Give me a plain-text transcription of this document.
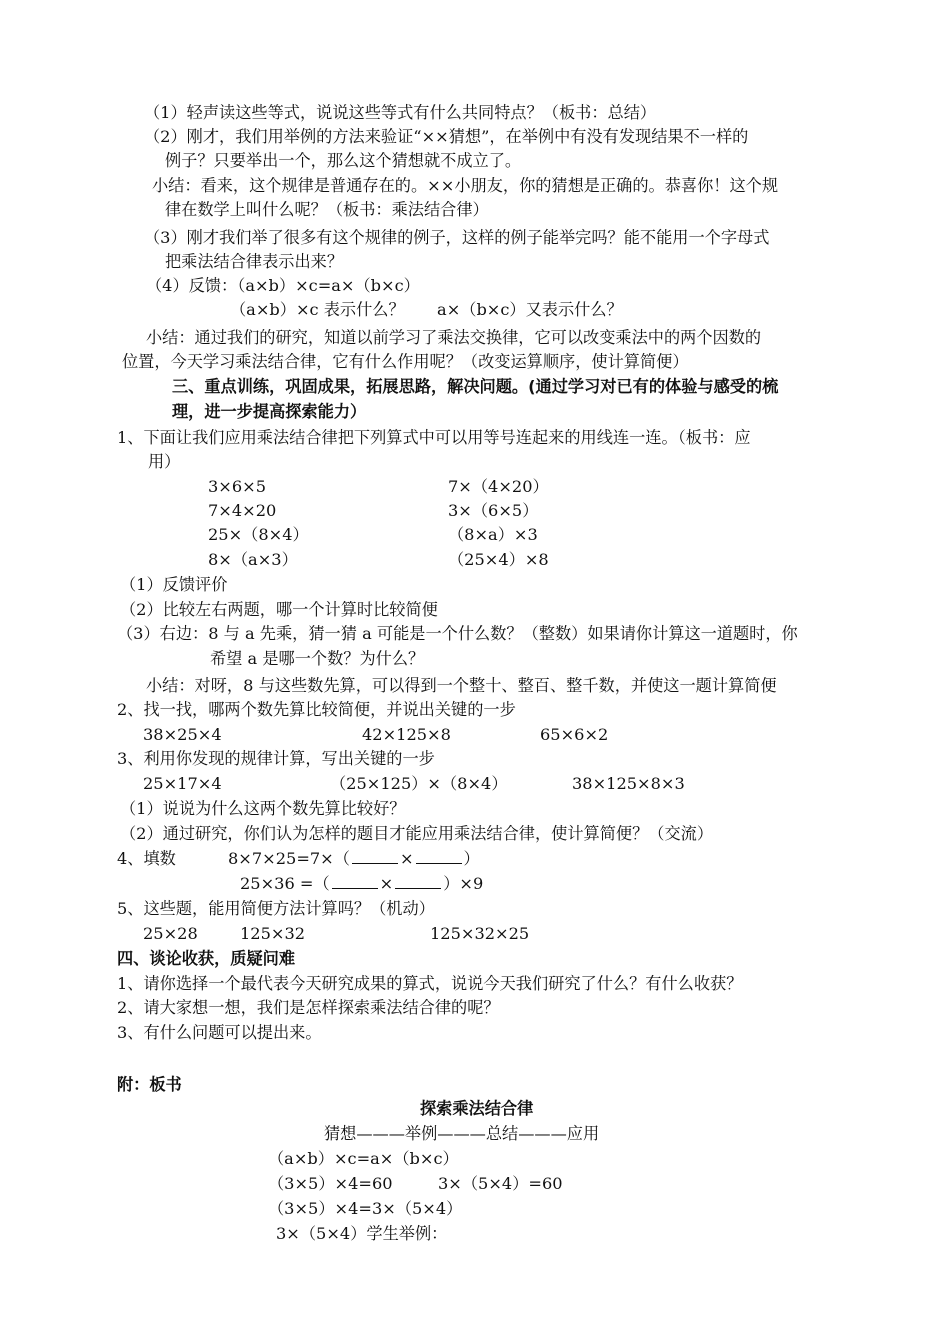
（1）轻声读这些等式，说说这些等式有什么共同特点？（板书：总结）
（2）刚才，我们用举例的方法来验证“××猜想”，在举例中有没有发现结果不一样的
例子？只要举出一个，那么这个猜想就不成立了。
小结：看来，这个规律是普通存在的。××小朋友，你的猜想是正确的。恭喜你！这个规
律在数学上叫什么呢？（板书：乘法结合律）
（3）刚才我们举了很多有这个规律的例子，这样的例子能举完吗？能不能用一个字母式
把乘法结合律表示出来？
（4）反馈：（a×b）×c=a×（b×c）
（a×b）×c 表示什么？　　a×（b×c）又表示什么？
小结：通过我们的研究，知道以前学习了乘法交换律，它可以改变乘法中的两个因数的
位置，今天学习乘法结合律，它有什么作用呢？（改变运算顺序，使计算简便）
三、重点训练，巩固成果，拓展思路，解决问题。(通过学习对已有的体验与感受的梳
理，进一步提高探索能力）
1、下面让我们应用乘法结合律把下列算式中可以用等号连起来的用线连一连。（板书：应
用）
3×6×5	7×（4×20）
7×4×20	3×（6×5）
25×（8×4）	（8×a）×3
8×（a×3）	（25×4）×8
（1）反馈评价
（2）比较左右两题，哪一个计算时比较简便
（3）右边：8 与 a 先乘，猜一猜 a 可能是一个什么数？（整数）如果请你计算这一道题时，你
希望 a 是哪一个数？为什么？
小结：对呀，8 与这些数先算，可以得到一个整十、整百、整千数，并使这一题计算简便
2、找一找，哪两个数先算比较简便，并说出关键的一步
38×25×4	42×125×8	65×6×2
3、利用你发现的规律计算，写出关键的一步
25×17×4	（25×125）×（8×4）	38×125×8×3
（1）说说为什么这两个数先算比较好？
（2）通过研究，你们认为怎样的题目才能应用乘法结合律，使计算简便？（交流）
4、填数	8×7×25=7×（	×	）
25×36 =（	×	）×9
5、这些题，能用简便方法计算吗？（机动）
25×28	125×32	125×32×25
四、谈论收获，质疑问难
1、请你选择一个最代表今天研究成果的算式，说说今天我们研究了什么？有什么收获？
2、请大家想一想，我们是怎样探索乘法结合律的呢？
3、有什么问题可以提出来。
附：板书
探索乘法结合律
猜想———举例———总结———应用
（a×b）×c=a×（b×c）
（3×5）×4=60	3×（5×4）=60
（3×5）×4=3×（5×4）
3×（5×4）学生举例：
